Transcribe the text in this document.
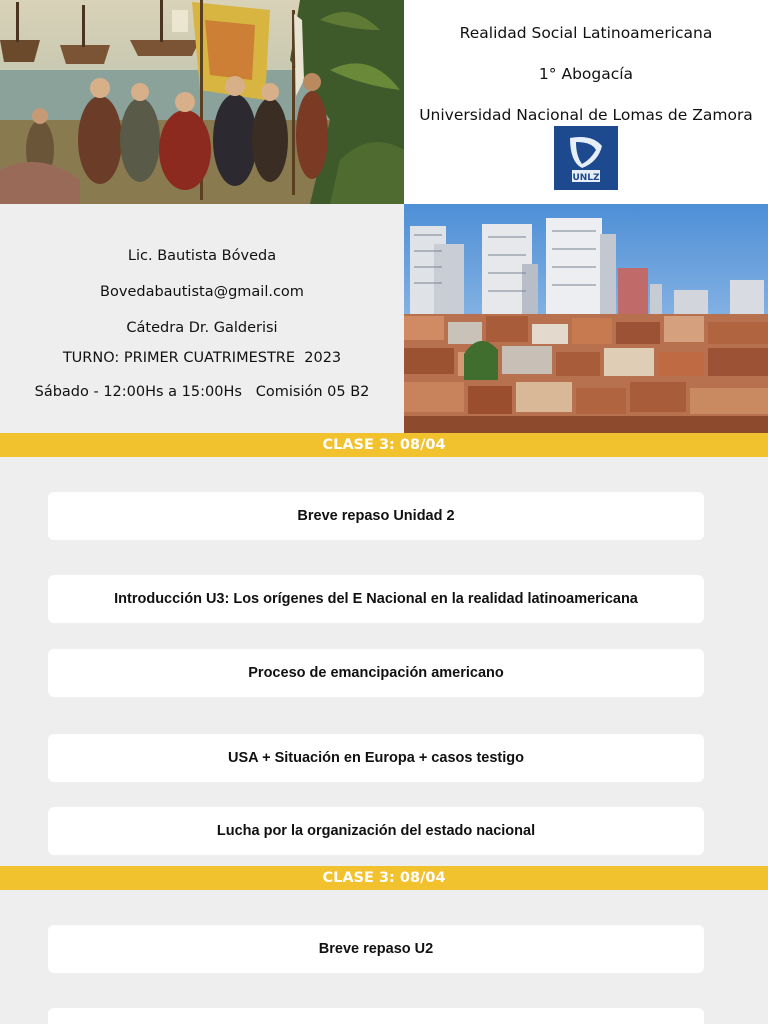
Realidad Social Latinoamericana
1° Abogacía
Universidad Nacional de Lomas de Zamora
UNLZ
Lic. Bautista Bóveda
Bovedabautista@gmail.com
Cátedra Dr. Galderisi
TURNO: PRIMER CUATRIMESTRE  2023
Sábado - 12:00Hs a 15:00Hs   Comisión 05 B2
CLASE 3: 08/04
Breve repaso Unidad 2
Introducción U3: Los orígenes del E Nacional en la realidad latinoamericana
Proceso de emancipación americano
USA + Situación en Europa + casos testigo
Lucha por la organización del estado nacional
CLASE 3: 08/04
Breve repaso U2
